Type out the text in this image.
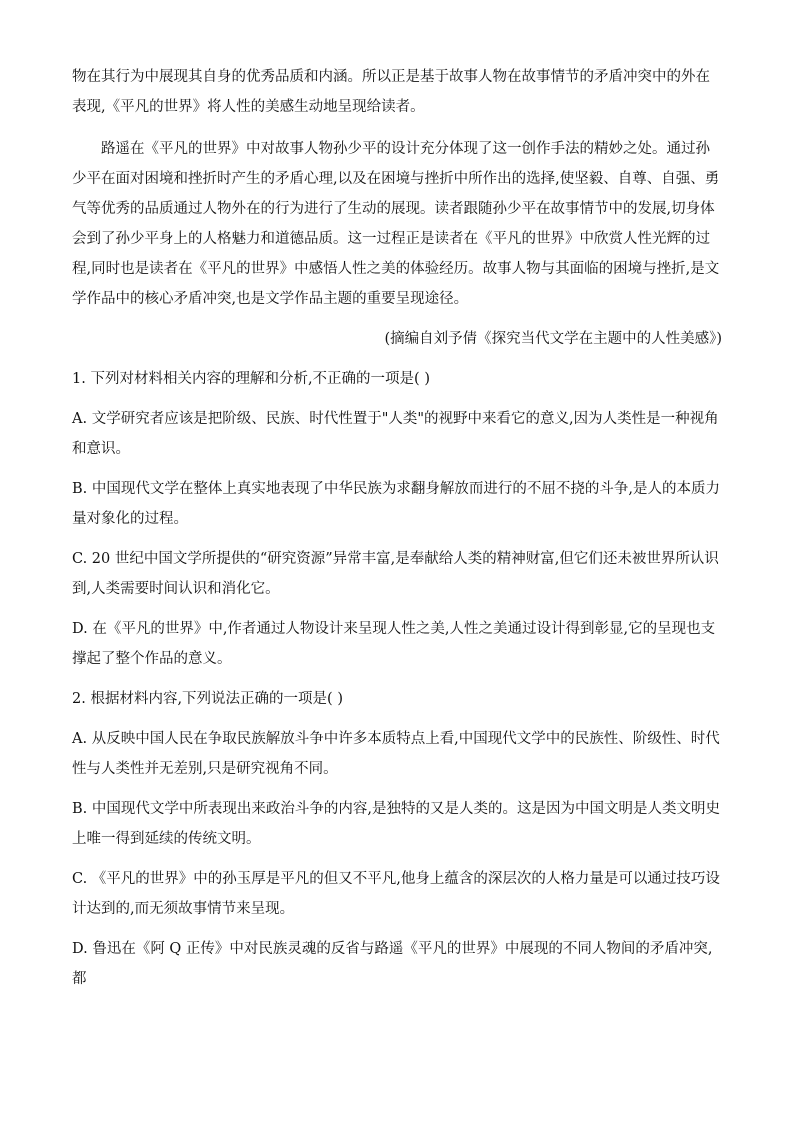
物在其行为中展现其自身的优秀品质和内涵。所以正是基于故事人物在故事情节的矛盾冲突中的外在表现,《平凡的世界》将人性的美感生动地呈现给读者。

路遥在《平凡的世界》中对故事人物孙少平的设计充分体现了这一创作手法的精妙之处。通过孙少平在面对困境和挫折时产生的矛盾心理,以及在困境与挫折中所作出的选择,使坚毅、自尊、自强、勇气等优秀的品质通过人物外在的行为进行了生动的展现。读者跟随孙少平在故事情节中的发展,切身体会到了孙少平身上的人格魅力和道德品质。这一过程正是读者在《平凡的世界》中欣赏人性光辉的过程,同时也是读者在《平凡的世界》中感悟人性之美的体验经历。故事人物与其面临的困境与挫折,是文学作品中的核心矛盾冲突,也是文学作品主题的重要呈现途径。

(摘编自刘予倩《探究当代文学在主题中的人性美感》)

1. 下列对材料相关内容的理解和分析,不正确的一项是( )

A. 文学研究者应该是把阶级、民族、时代性置于"人类"的视野中来看它的意义,因为人类性是一种视角和意识。

B. 中国现代文学在整体上真实地表现了中华民族为求翻身解放而进行的不屈不挠的斗争,是人的本质力量对象化的过程。

C. 20 世纪中国文学所提供的“研究资源”异常丰富,是奉献给人类的精神财富,但它们还未被世界所认识到,人类需要时间认识和消化它。

D. 在《平凡的世界》中,作者通过人物设计来呈现人性之美,人性之美通过设计得到彰显,它的呈现也支撑起了整个作品的意义。

2. 根据材料内容,下列说法正确的一项是( )

A. 从反映中国人民在争取民族解放斗争中许多本质特点上看,中国现代文学中的民族性、阶级性、时代性与人类性并无差别,只是研究视角不同。

B. 中国现代文学中所表现出来政治斗争的内容,是独特的又是人类的。这是因为中国文明是人类文明史上唯一得到延续的传统文明。

C. 《平凡的世界》中的孙玉厚是平凡的但又不平凡,他身上蕴含的深层次的人格力量是可以通过技巧设计达到的,而无须故事情节来呈现。

D. 鲁迅在《阿 Q 正传》中对民族灵魂的反省与路遥《平凡的世界》中展现的不同人物间的矛盾冲突,都
